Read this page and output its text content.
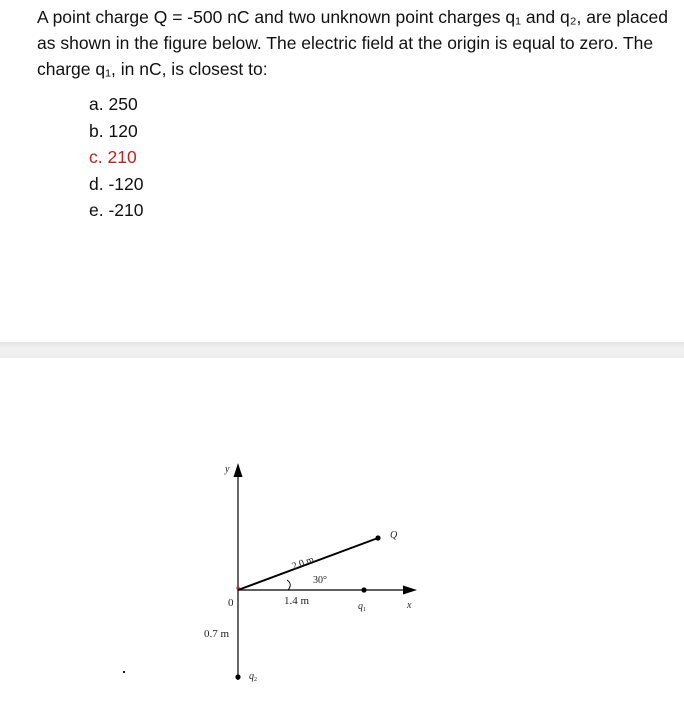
A point charge Q = -500 nC and two unknown point charges q₁ and q₂, are placed as shown in the figure below. The electric field at the origin is equal to zero. The charge q₁, in nC, is closest to:
a. 250
b. 120
c. 210
d. -120
e. -210
y
x
0
Q
2.0 m
30°
1.4 m	$q_1$
0.7 m
$q_2$
